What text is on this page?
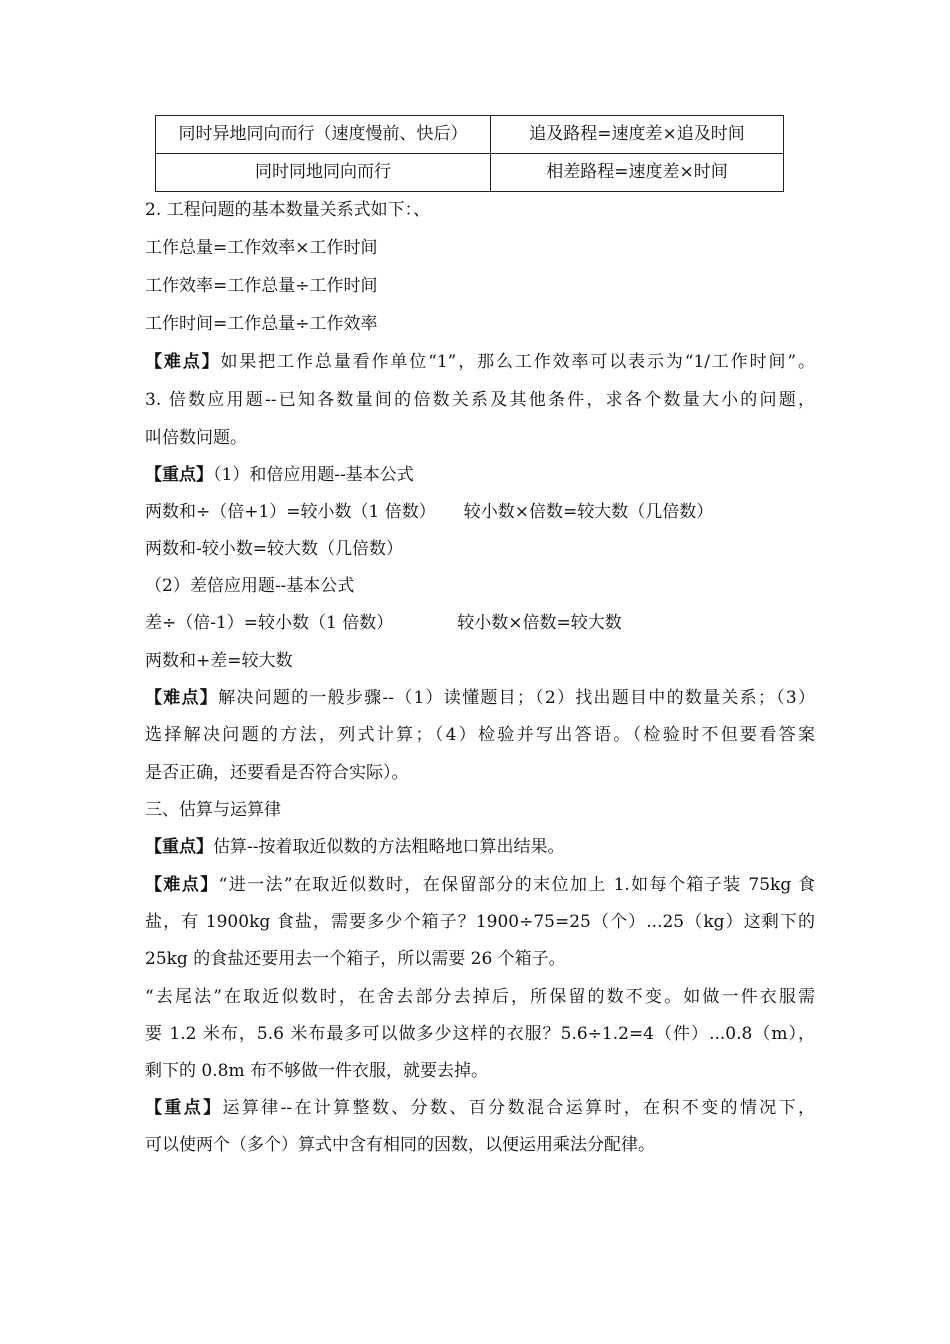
同时异地同向而行（速度慢前、快后）	追及路程=速度差×追及时间
同时同地同向而行	相差路程=速度差×时间
2. 工程问题的基本数量关系式如下：、
工作总量=工作效率×工作时间
工作效率=工作总量÷工作时间
工作时间=工作总量÷工作效率
【难点】如果把工作总量看作单位“1”，那么工作效率可以表示为“1/工作时间”。
3. 倍数应用题--已知各数量间的倍数关系及其他条件，求各个数量大小的问题，
叫倍数问题。
【重点】（1）和倍应用题--基本公式
两数和÷（倍+1）=较小数（1 倍数） 较小数×倍数=较大数（几倍数）
两数和-较小数=较大数（几倍数）
（2）差倍应用题--基本公式
差÷（倍-1）=较小数（1 倍数）	较小数×倍数=较大数
两数和+差=较大数
【难点】解决问题的一般步骤--（1）读懂题目；（2）找出题目中的数量关系；（3）
选择解决问题的方法，列式计算；（4）检验并写出答语。（检验时不但要看答案
是否正确，还要看是否符合实际）。
三、估算与运算律
【重点】估算--按着取近似数的方法粗略地口算出结果。
【难点】“进一法”在取近似数时，在保留部分的末位加上 1.如每个箱子装 75kg 食
盐，有 1900kg 食盐，需要多少个箱子？1900÷75=25（个）...25（kg）这剩下的
25kg 的食盐还要用去一个箱子，所以需要 26 个箱子。
“去尾法”在取近似数时，在舍去部分去掉后，所保留的数不变。如做一件衣服需
要 1.2 米布，5.6 米布最多可以做多少这样的衣服？5.6÷1.2=4（件）...0.8（m），
剩下的 0.8m 布不够做一件衣服，就要去掉。
【重点】运算律--在计算整数、分数、百分数混合运算时，在积不变的情况下，
可以使两个（多个）算式中含有相同的因数，以便运用乘法分配律。
